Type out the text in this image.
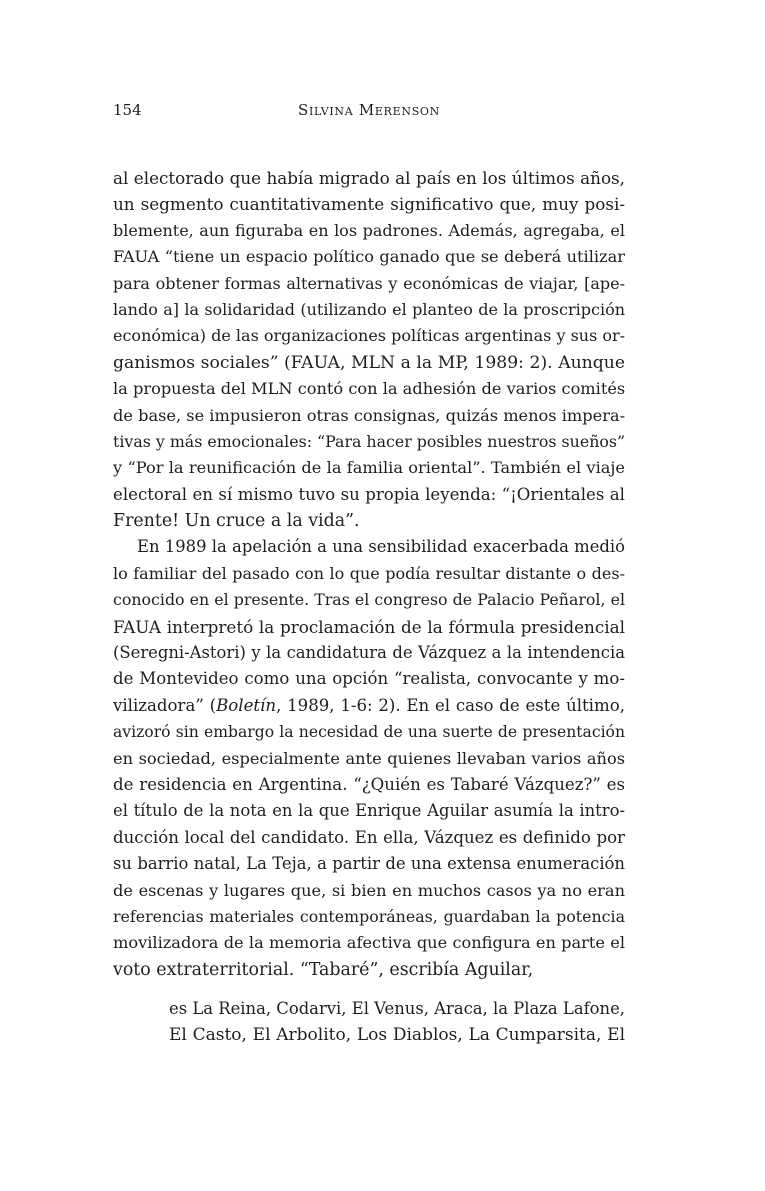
154	Silvina Merenson
al electorado que había migrado al país en los últimos años,
un segmento cuantitativamente significativo que, muy posi-
blemente, aun figuraba en los padrones. Además, agregaba, el
FAUA “tiene un espacio político ganado que se deberá utilizar
para obtener formas alternativas y económicas de viajar, [ape-
lando a] la solidaridad (utilizando el planteo de la proscripción
económica) de las organizaciones políticas argentinas y sus or-
ganismos sociales” (FAUA, MLN a la MP, 1989: 2). Aunque
la propuesta del MLN contó con la adhesión de varios comités
de base, se impusieron otras consignas, quizás menos impera-
tivas y más emocionales: “Para hacer posibles nuestros sueños”
y “Por la reunificación de la familia oriental”. También el viaje
electoral en sí mismo tuvo su propia leyenda: “¡Orientales al
Frente! Un cruce a la vida”.
En 1989 la apelación a una sensibilidad exacerbada medió
lo familiar del pasado con lo que podía resultar distante o des-
conocido en el presente. Tras el congreso de Palacio Peñarol, el
FAUA interpretó la proclamación de la fórmula presidencial
(Seregni-Astori) y la candidatura de Vázquez a la intendencia
de Montevideo como una opción “realista, convocante y mo-
vilizadora” (Boletín, 1989, 1-6: 2). En el caso de este último,
avizoró sin embargo la necesidad de una suerte de presentación
en sociedad, especialmente ante quienes llevaban varios años
de residencia en Argentina. “¿Quién es Tabaré Vázquez?” es
el título de la nota en la que Enrique Aguilar asumía la intro-
ducción local del candidato. En ella, Vázquez es definido por
su barrio natal, La Teja, a partir de una extensa enumeración
de escenas y lugares que, si bien en muchos casos ya no eran
referencias materiales contemporáneas, guardaban la potencia
movilizadora de la memoria afectiva que configura en parte el
voto extraterritorial. “Tabaré”, escribía Aguilar,
es La Reina, Codarvi, El Venus, Araca, la Plaza Lafone,
El Casto, El Arbolito, Los Diablos, La Cumparsita, El
